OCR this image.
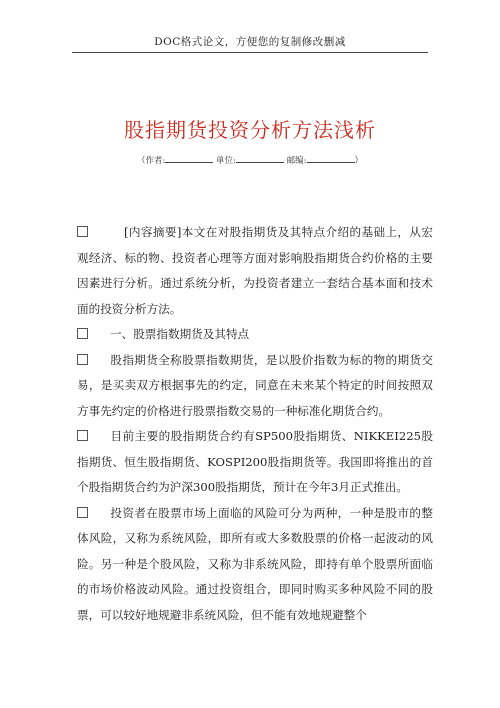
DOC格式论文，方便您的复制修改删减
股指期货投资分析方法浅析
（作者:	单位:	邮编:	）

[内容摘要]本文在对股指期货及其特点介绍的基础上，从宏观经济、标的物、投资者心理等方面对影响股指期货合约价格的主要因素进行分析。通过系统分析，为投资者建立一套结合基本面和技术面的投资分析方法。

一、股票指数期货及其特点

股指期货全称股票指数期货，是以股价指数为标的物的期货交易，是买卖双方根据事先的约定，同意在未来某个特定的时间按照双方事先约定的价格进行股票指数交易的一种标准化期货合约。

目前主要的股指期货合约有SP500股指期货、NIKKEI225股指期货、恒生股指期货、KOSPI200股指期货等。我国即将推出的首个股指期货合约为沪深300股指期货，预计在今年3月正式推出。

投资者在股票市场上面临的风险可分为两种，一种是股市的整体风险，又称为系统风险，即所有或大多数股票的价格一起波动的风险。另一种是个股风险，又称为非系统风险，即持有单个股票所面临的市场价格波动风险。通过投资组合，即同时购买多种风险不同的股票，可以较好地规避非系统风险，但不能有效地规避整个
